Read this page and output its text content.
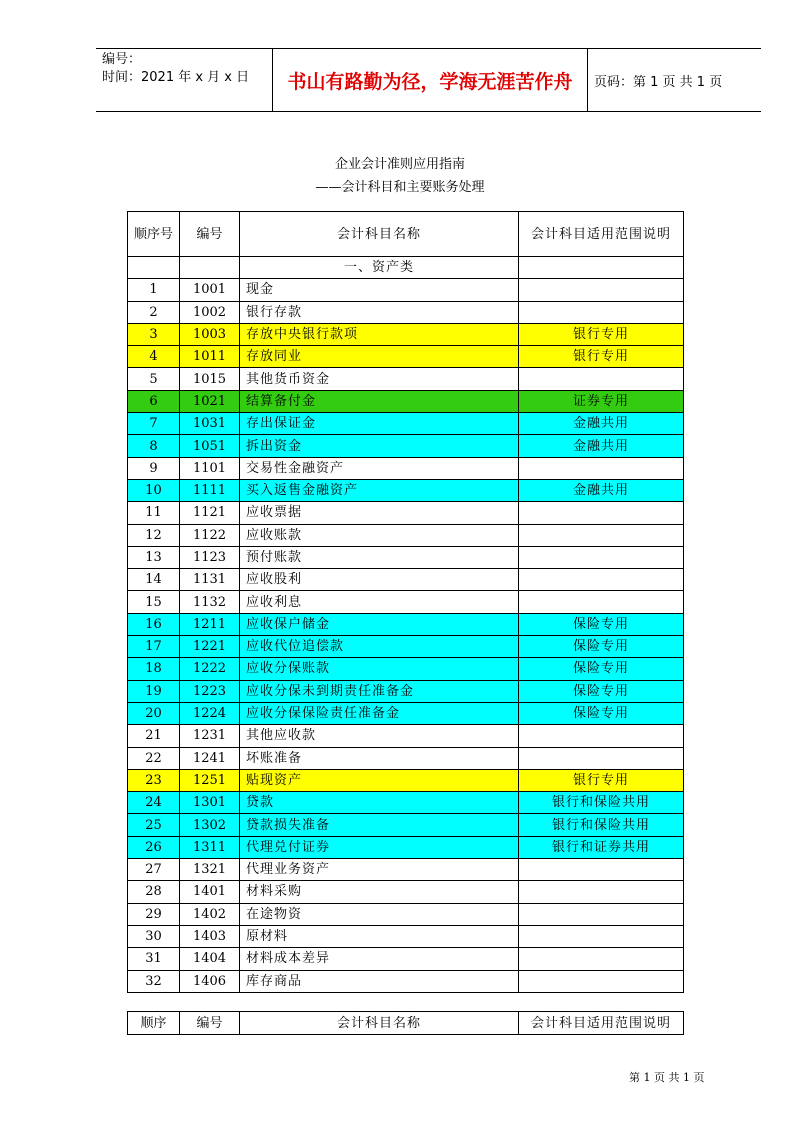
编号：
时间：2021 年 x 月 x 日	书山有路勤为径，学海无涯苦作舟	页码：第 1 页 共 1 页
企业会计准则应用指南
——会计科目和主要账务处理
顺序号	编号	会计科目名称	会计科目适用范围说明
		一、资产类	
1	1001	现金	
2	1002	银行存款	
3	1003	存放中央银行款项	银行专用
4	1011	存放同业	银行专用
5	1015	其他货币资金	
6	1021	结算备付金	证券专用
7	1031	存出保证金	金融共用
8	1051	拆出资金	金融共用
9	1101	交易性金融资产	
10	1111	买入返售金融资产	金融共用
11	1121	应收票据	
12	1122	应收账款	
13	1123	预付账款	
14	1131	应收股利	
15	1132	应收利息	
16	1211	应收保户储金	保险专用
17	1221	应收代位追偿款	保险专用
18	1222	应收分保账款	保险专用
19	1223	应收分保未到期责任准备金	保险专用
20	1224	应收分保保险责任准备金	保险专用
21	1231	其他应收款	
22	1241	坏账准备	
23	1251	贴现资产	银行专用
24	1301	贷款	银行和保险共用
25	1302	贷款损失准备	银行和保险共用
26	1311	代理兑付证券	银行和证券共用
27	1321	代理业务资产	
28	1401	材料采购	
29	1402	在途物资	
30	1403	原材料	
31	1404	材料成本差异	
32	1406	库存商品	
顺序	编号	会计科目名称	会计科目适用范围说明
第 1 页 共 1 页
